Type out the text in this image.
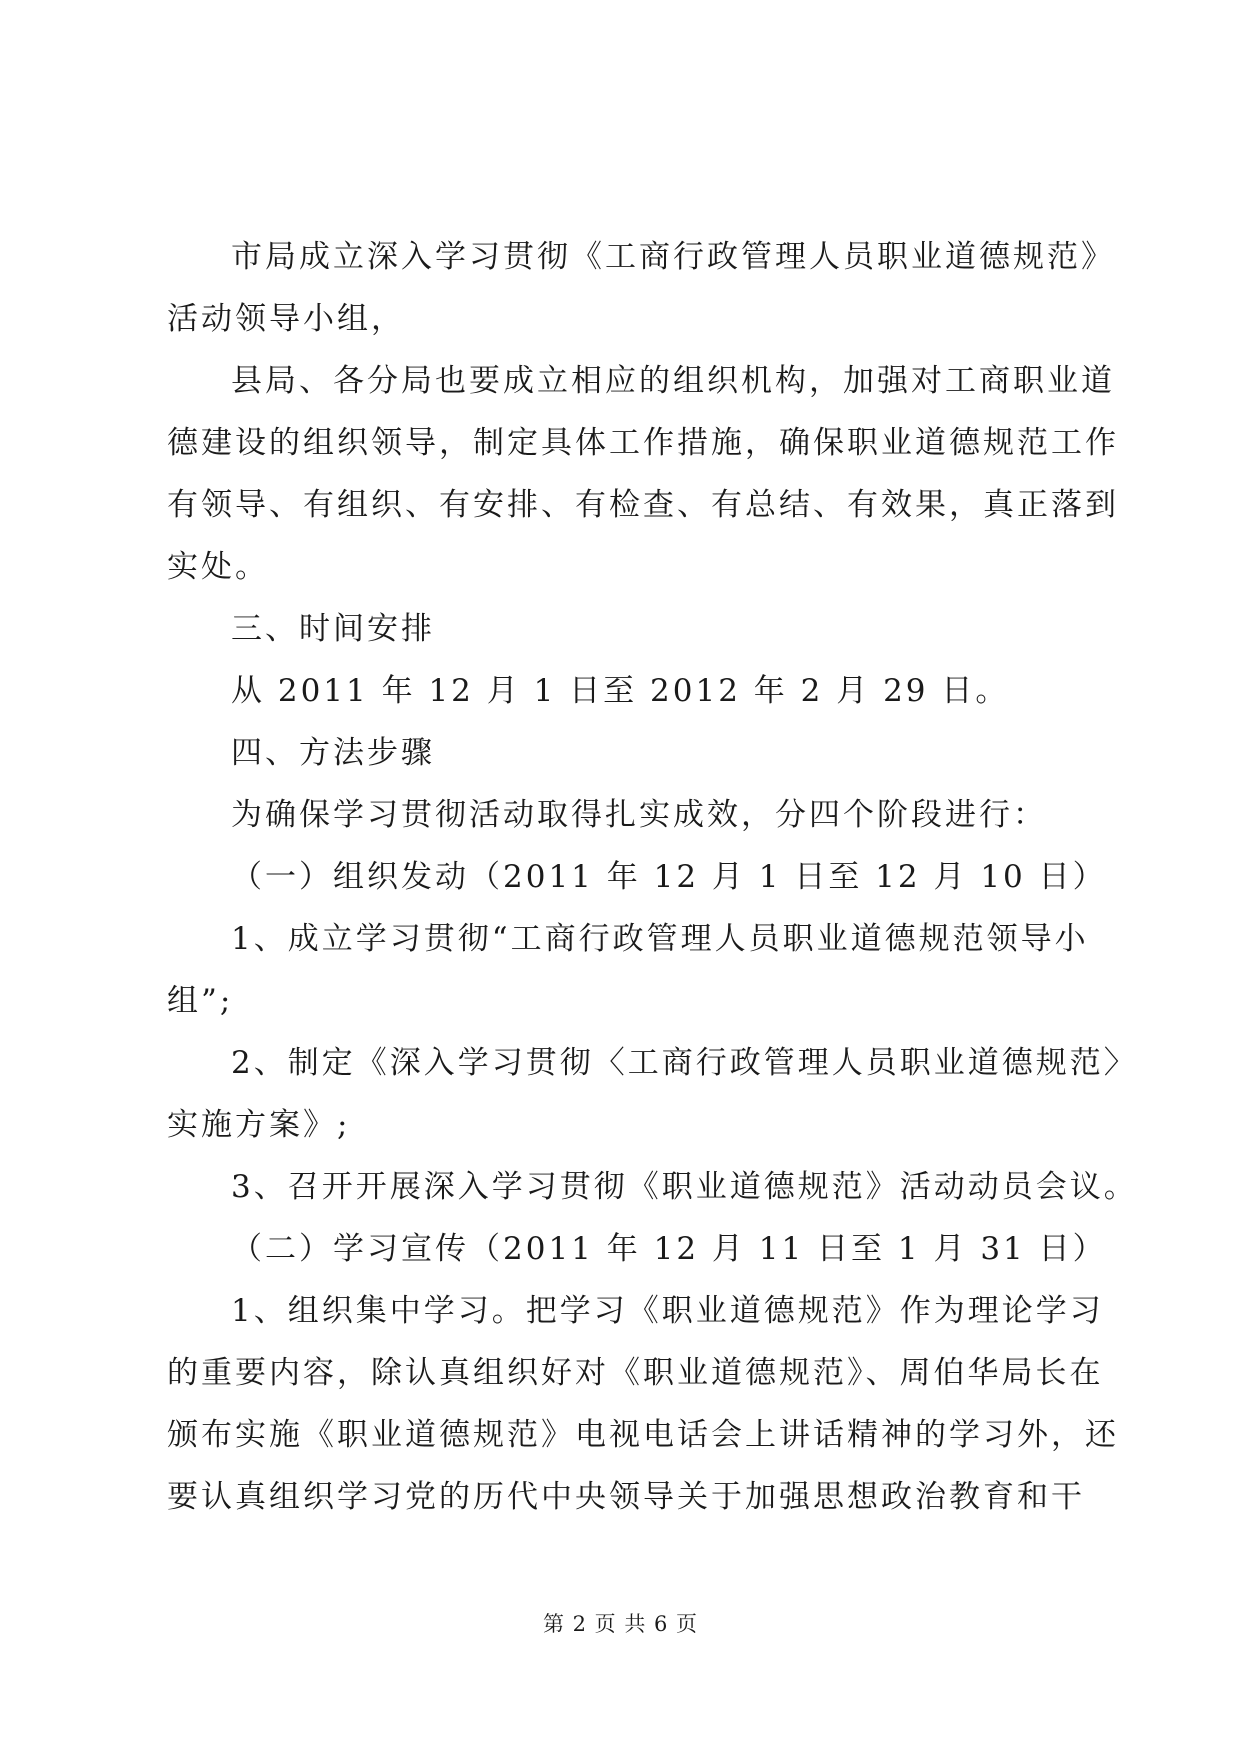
市局成立深入学习贯彻《工商行政管理人员职业道德规范》
活动领导小组，
县局、各分局也要成立相应的组织机构，加强对工商职业道
德建设的组织领导，制定具体工作措施，确保职业道德规范工作
有领导、有组织、有安排、有检查、有总结、有效果，真正落到
实处。
三、时间安排
从 2011 年 12 月 1 日至 2012 年 2 月 29 日。
四、方法步骤
为确保学习贯彻活动取得扎实成效，分四个阶段进行：
（一）组织发动（2011 年 12 月 1 日至 12 月 10 日）
1、成立学习贯彻“工商行政管理人员职业道德规范领导小
组”;
2、制定《深入学习贯彻〈工商行政管理人员职业道德规范〉
实施方案》;
3、召开开展深入学习贯彻《职业道德规范》活动动员会议。
（二）学习宣传（2011 年 12 月 11 日至 1 月 31 日）
1、组织集中学习。把学习《职业道德规范》作为理论学习
的重要内容，除认真组织好对《职业道德规范》、周伯华局长在
颁布实施《职业道德规范》电视电话会上讲话精神的学习外，还
要认真组织学习党的历代中央领导关于加强思想政治教育和干
第 2 页 共 6 页
